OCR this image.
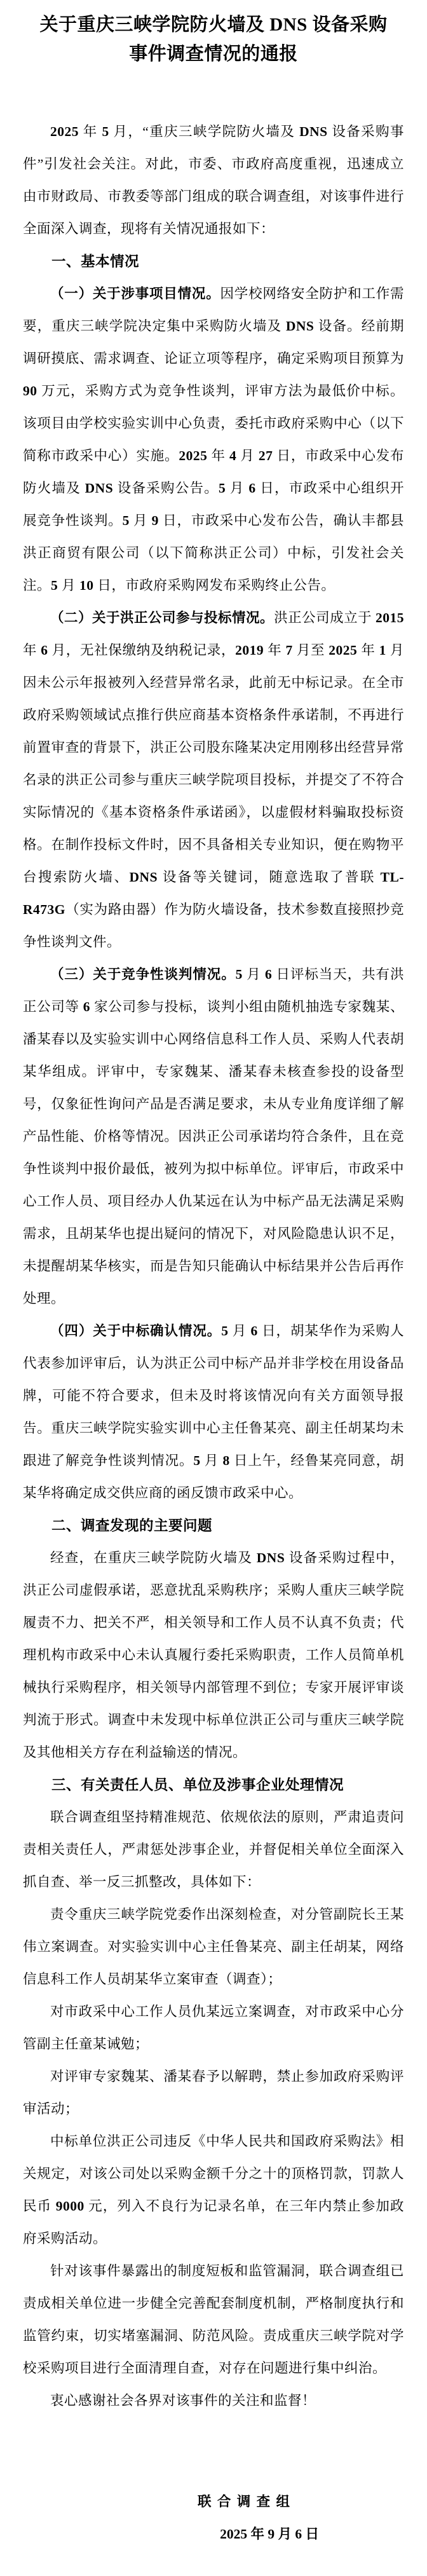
关于重庆三峡学院防火墙及 DNS 设备采购
事件调查情况的通报
2025 年 5 月，“重庆三峡学院防火墙及 DNS 设备采购事件”引发社会关注。对此，市委、市政府高度重视，迅速成立由市财政局、市教委等部门组成的联合调查组，对该事件进行全面深入调查，现将有关情况通报如下：
一、基本情况
（一）关于涉事项目情况。因学校网络安全防护和工作需要，重庆三峡学院决定集中采购防火墙及 DNS 设备。经前期调研摸底、需求调查、论证立项等程序，确定采购项目预算为 90 万元，采购方式为竞争性谈判，评审方法为最低价中标。该项目由学校实验实训中心负责，委托市政府采购中心（以下简称市政采中心）实施。2025 年 4 月 27 日，市政采中心发布防火墙及 DNS 设备采购公告。5 月 6 日，市政采中心组织开展竞争性谈判。5 月 9 日，市政采中心发布公告，确认丰都县洪正商贸有限公司（以下简称洪正公司）中标，引发社会关注。5 月 10 日，市政府采购网发布采购终止公告。
（二）关于洪正公司参与投标情况。洪正公司成立于 2015 年 6 月，无社保缴纳及纳税记录，2019 年 7 月至 2025 年 1 月因未公示年报被列入经营异常名录，此前无中标记录。在全市政府采购领域试点推行供应商基本资格条件承诺制，不再进行前置审查的背景下，洪正公司股东隆某决定用刚移出经营异常名录的洪正公司参与重庆三峡学院项目投标，并提交了不符合实际情况的《基本资格条件承诺函》，以虚假材料骗取投标资格。在制作投标文件时，因不具备相关专业知识，便在购物平台搜索防火墙、DNS 设备等关键词，随意选取了普联 TL-R473G（实为路由器）作为防火墙设备，技术参数直接照抄竞争性谈判文件。
（三）关于竞争性谈判情况。5 月 6 日评标当天，共有洪正公司等 6 家公司参与投标，谈判小组由随机抽选专家魏某、潘某春以及实验实训中心网络信息科工作人员、采购人代表胡某华组成。评审中，专家魏某、潘某春未核查参投的设备型号，仅象征性询问产品是否满足要求，未从专业角度详细了解产品性能、价格等情况。因洪正公司承诺均符合条件，且在竞争性谈判中报价最低，被列为拟中标单位。评审后，市政采中心工作人员、项目经办人仇某远在认为中标产品无法满足采购需求，且胡某华也提出疑问的情况下，对风险隐患认识不足，未提醒胡某华核实，而是告知只能确认中标结果并公告后再作处理。
（四）关于中标确认情况。5 月 6 日，胡某华作为采购人代表参加评审后，认为洪正公司中标产品并非学校在用设备品牌，可能不符合要求，但未及时将该情况向有关方面领导报告。重庆三峡学院实验实训中心主任鲁某亮、副主任胡某均未跟进了解竞争性谈判情况。5 月 8 日上午，经鲁某亮同意，胡某华将确定成交供应商的函反馈市政采中心。
二、调查发现的主要问题
经查，在重庆三峡学院防火墙及 DNS 设备采购过程中，洪正公司虚假承诺，恶意扰乱采购秩序；采购人重庆三峡学院履责不力、把关不严，相关领导和工作人员不认真不负责；代理机构市政采中心未认真履行委托采购职责，工作人员简单机械执行采购程序，相关领导内部管理不到位；专家开展评审谈判流于形式。调查中未发现中标单位洪正公司与重庆三峡学院及其他相关方存在利益输送的情况。
三、有关责任人员、单位及涉事企业处理情况
联合调查组坚持精准规范、依规依法的原则，严肃追责问责相关责任人，严肃惩处涉事企业，并督促相关单位全面深入抓自查、举一反三抓整改，具体如下：
责令重庆三峡学院党委作出深刻检查，对分管副院长王某伟立案调查。对实验实训中心主任鲁某亮、副主任胡某，网络信息科工作人员胡某华立案审查（调查）；
对市政采中心工作人员仇某远立案调查，对市政采中心分管副主任童某诫勉；
对评审专家魏某、潘某春予以解聘，禁止参加政府采购评审活动；
中标单位洪正公司违反《中华人民共和国政府采购法》相关规定，对该公司处以采购金额千分之十的顶格罚款，罚款人民币 9000 元，列入不良行为记录名单，在三年内禁止参加政府采购活动。
针对该事件暴露出的制度短板和监管漏洞，联合调查组已责成相关单位进一步健全完善配套制度机制，严格制度执行和监管约束，切实堵塞漏洞、防范风险。责成重庆三峡学院对学校采购项目进行全面清理自查，对存在问题进行集中纠治。
衷心感谢社会各界对该事件的关注和监督！
联 合 调 查 组
2025 年 9 月 6 日
